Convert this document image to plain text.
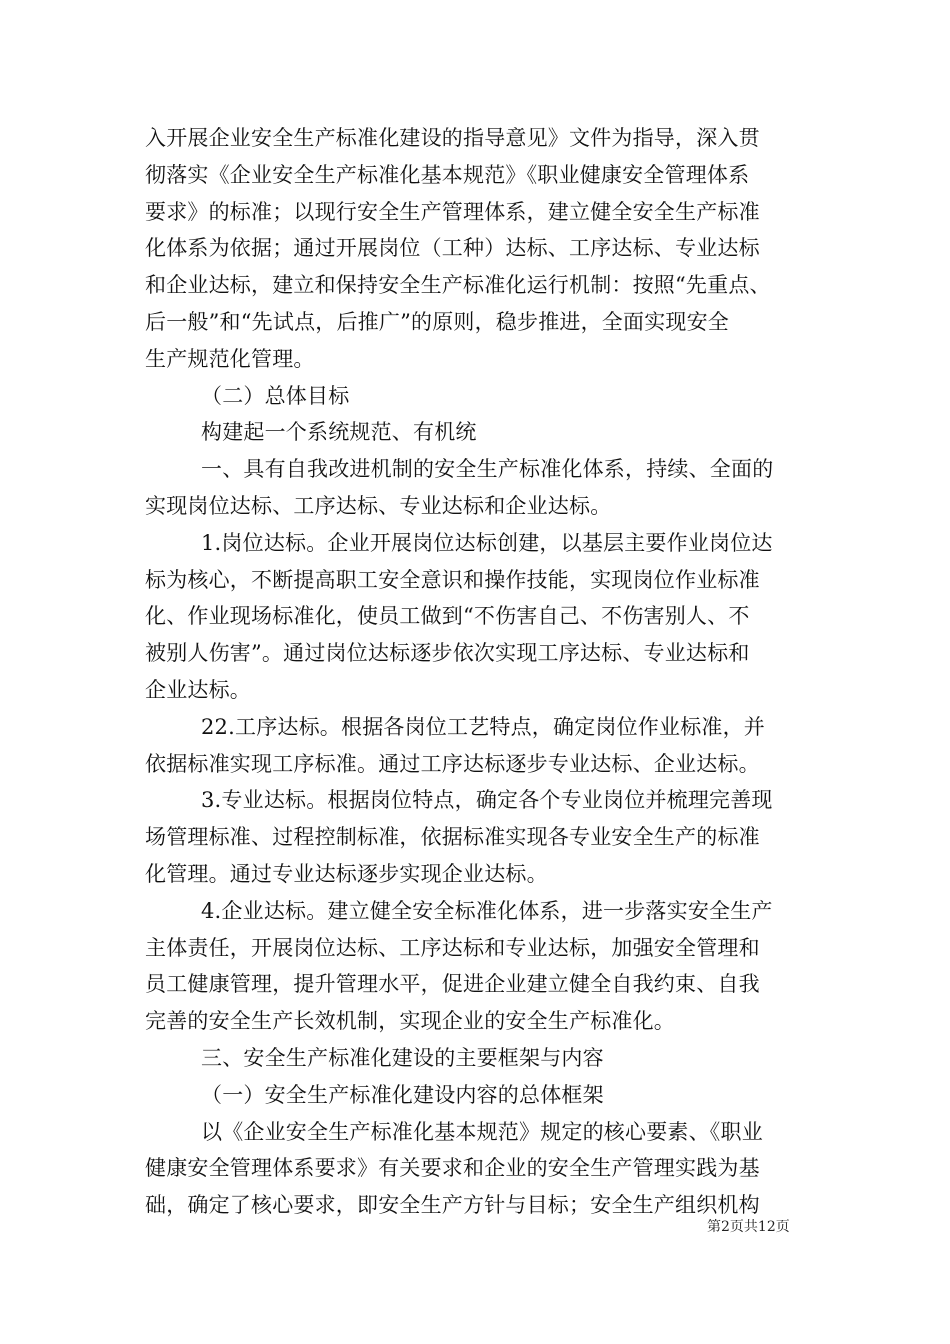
入开展企业安全生产标准化建设的指导意见》文件为指导，深入贯
彻落实《企业安全生产标准化基本规范》《职业健康安全管理体系
要求》的标准；以现行安全生产管理体系，建立健全安全生产标准
化体系为依据；通过开展岗位（工种）达标、工序达标、专业达标
和企业达标，建立和保持安全生产标准化运行机制：按照“先重点、
后一般”和“先试点，后推广”的原则，稳步推进，全面实现安全
生产规范化管理。
（二）总体目标
构建起一个系统规范、有机统
一、具有自我改进机制的安全生产标准化体系，持续、全面的
实现岗位达标、工序达标、专业达标和企业达标。
1.岗位达标。企业开展岗位达标创建，以基层主要作业岗位达
标为核心，不断提高职工安全意识和操作技能，实现岗位作业标准
化、作业现场标准化，使员工做到“不伤害自己、不伤害别人、不
被别人伤害”。通过岗位达标逐步依次实现工序达标、专业达标和
企业达标。
22.工序达标。根据各岗位工艺特点，确定岗位作业标准，并
依据标准实现工序标准。通过工序达标逐步专业达标、企业达标。
3.专业达标。根据岗位特点，确定各个专业岗位并梳理完善现
场管理标准、过程控制标准，依据标准实现各专业安全生产的标准
化管理。通过专业达标逐步实现企业达标。
4.企业达标。建立健全安全标准化体系，进一步落实安全生产
主体责任，开展岗位达标、工序达标和专业达标，加强安全管理和
员工健康管理，提升管理水平，促进企业建立健全自我约束、自我
完善的安全生产长效机制，实现企业的安全生产标准化。
三、安全生产标准化建设的主要框架与内容
（一）安全生产标准化建设内容的总体框架
以《企业安全生产标准化基本规范》规定的核心要素、《职业
健康安全管理体系要求》有关要求和企业的安全生产管理实践为基
础，确定了核心要求，即安全生产方针与目标；安全生产组织机构
第2页共12页
